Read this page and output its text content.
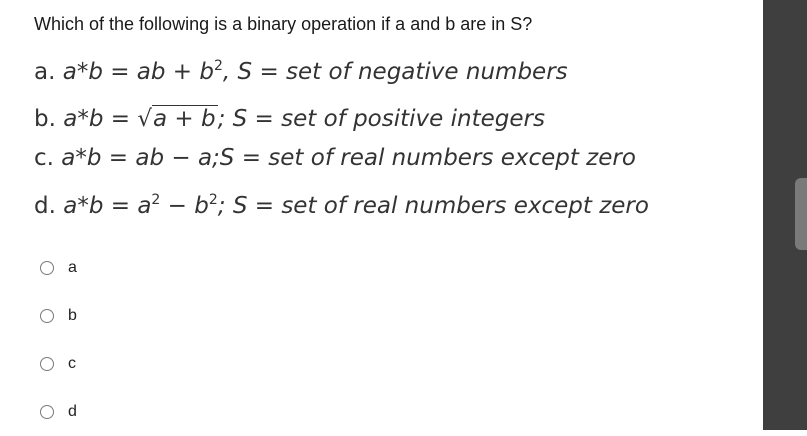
Which of the following is a binary operation if a and b are in S?
a. a*b = ab + $b^2$, S = set of negative numbers
b. a*b = √a + b; S = set of positive integers
c. a*b = ab − a;S = set of real numbers except zero
d. $a*b = a^2 - b^2$; S = set of real numbers except zero
a
b
c
d
